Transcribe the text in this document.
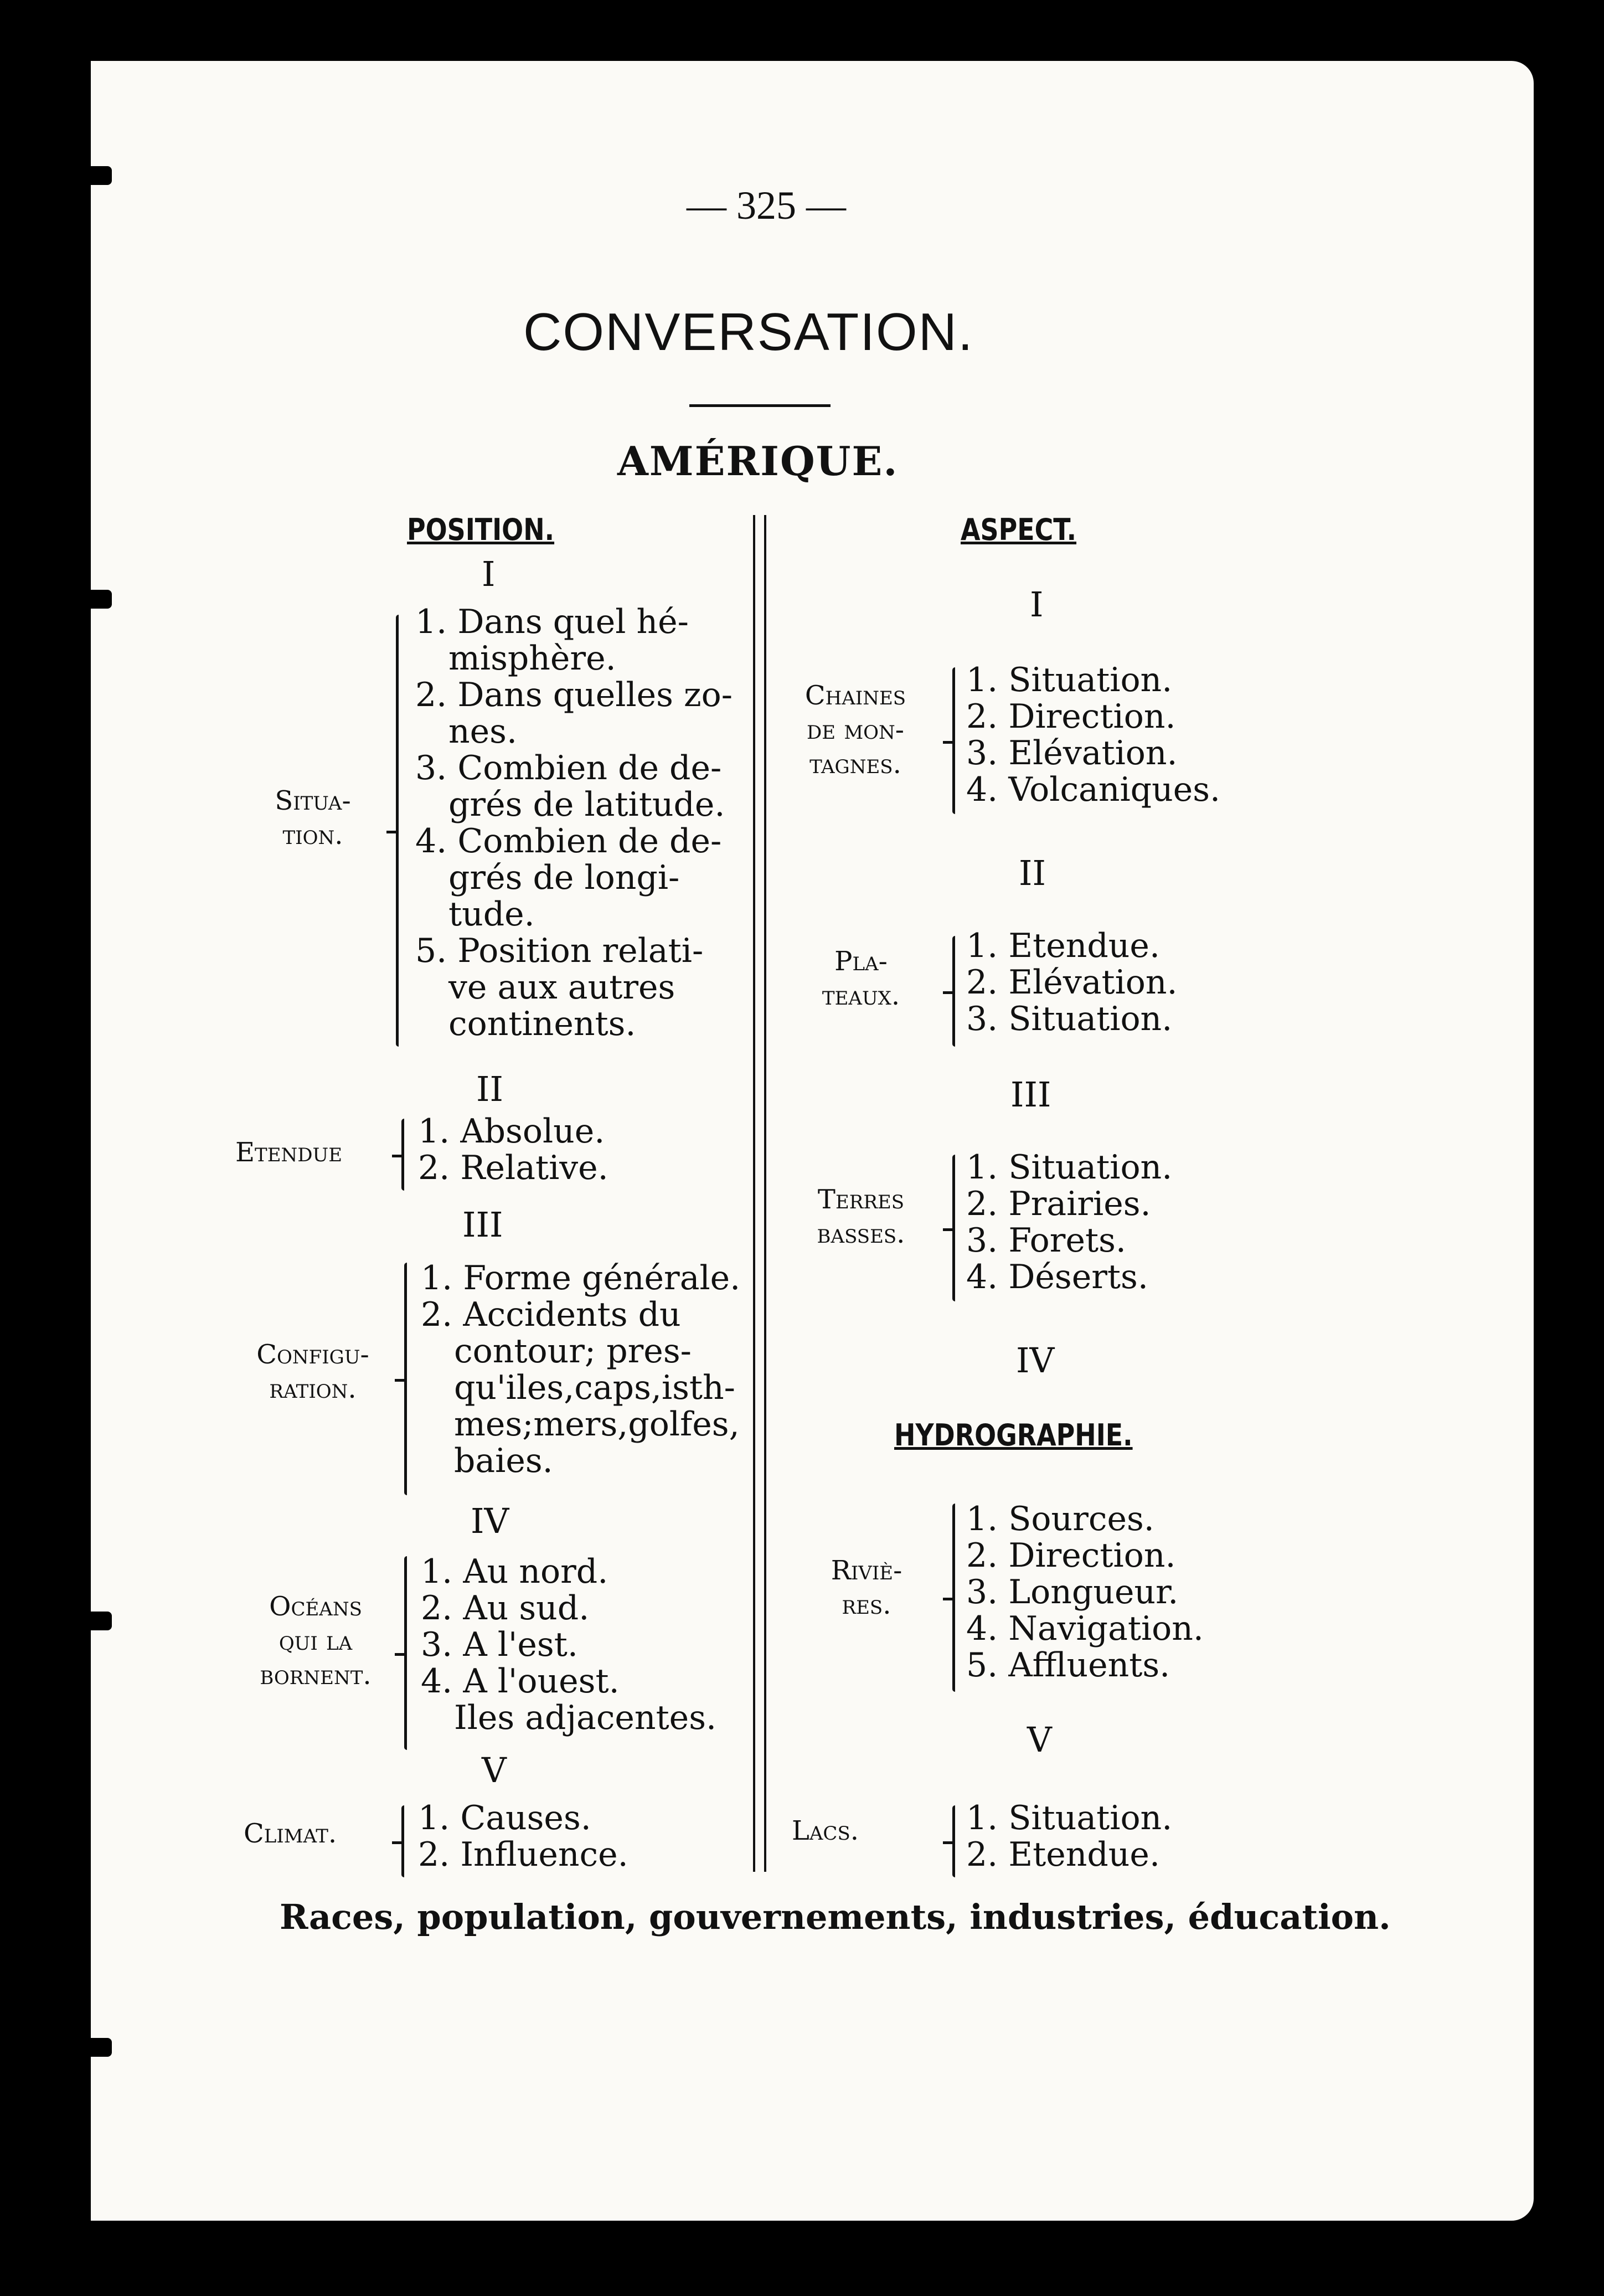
— 325 —
CONVERSATION.
AMÉRIQUE.
POSITION.
I
Situa-
tion.
1. Dans quel hé-
misphère.
2. Dans quelles zo-
nes.
3. Combien de de-
grés de latitude.
4. Combien de de-
grés de longi-
tude.
5. Position relati-
ve aux autres
continents.
II
Etendue
1. Absolue.
2. Relative.
III
Configu-
ration.
1. Forme générale.
2. Accidents du
contour; pres-
qu'iles,caps,isth-
mes;mers,golfes,
baies.
IV
Océans
qui la
bornent.
1. Au nord.
2. Au sud.
3. A l'est.
4. A l'ouest.
Iles adjacentes.
V
Climat. 1. Causes.
2. Influence.
ASPECT.
I
Chaines
de mon-
tagnes.
1. Situation.
2. Direction.
3. Elévation.
4. Volcaniques.
II
Pla-
teaux.
1. Etendue.
2. Elévation.
3. Situation.
III
Terres
basses.
1. Situation.
2. Prairies.
3. Forets.
4. Déserts.
IV
HYDROGRAPHIE.
Riviè-
res.
1. Sources.
2. Direction.
3. Longueur.
4. Navigation.
5. Affluents.
V
Lacs.	1. Situation.
2. Etendue.
Races, population, gouvernements, industries, éducation.
